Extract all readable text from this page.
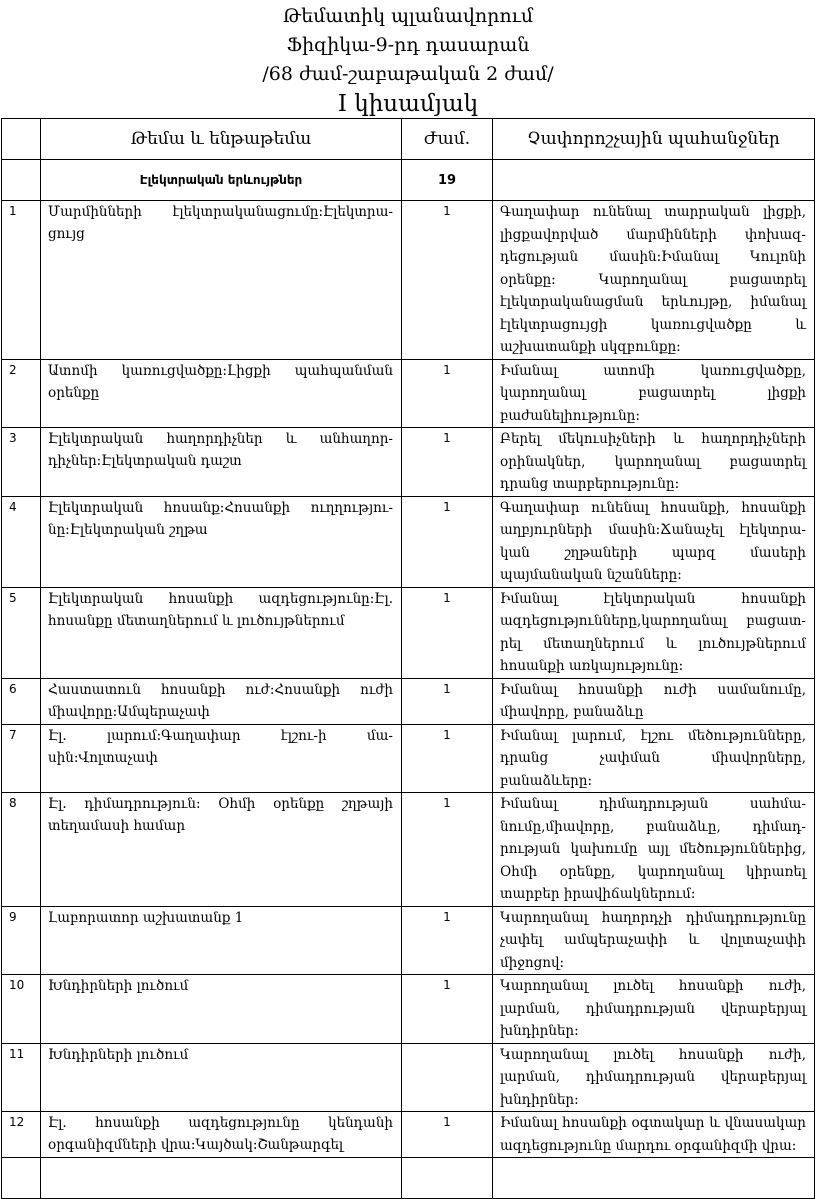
Թեմատիկ պլանավորում
Ֆիզիկա-9-րդ դասարան
/68 ժամ-շաբաթական 2 ժամ/
I կիսամյակ
	Թեմա և ենթաթեմա	Ժամ.	Չափորոշչային պահանջներ
	Էլեկտրական երևույթներ	19	
1	Մարմինների էլեկտրականացումը:Էլեկտրա-ցույց	1	Գաղափար ունենալ տարրական լիցքի, լիցքավորված մարմինների փոխազ-դեցության մասին:Իմանալ Կուլոնի օրենքը: Կարողանալ բացատրել էլեկտրականացման երևույթը, իմանալ էլեկտրացույցի կառուցվածքը և աշխատանքի սկզբունքը:
2	Ատոմի կառուցվածքը:Լիցքի պահպանման օրենքը	1	Իմանալ ատոմի կառուցվածքը, կարողանալ բացատրել լիցքի բաժանելիությունը:
3	Էլեկտրական հաղորդիչներ և անհաղոր-դիչներ:Էլեկտրական դաշտ	1	Բերել մեկուսիչների և հաղորդիչների օրինակներ, կարողանալ բացատրել դրանց տարբերությունը:
4	Էլեկտրական հոսանք:Հոսանքի ուղղությու-նը:Էլեկտրական շղթա	1	Գաղափար ունենալ հոսանքի, հոսանքի աղբյուրների մասին:Ճանաչել էլեկտրա-կան շղթաների պարզ մասերի պայմանական նշանները:
5	Էլեկտրական հոսանքի ազդեցությունը:Էլ. հոսանքը մետաղներում և լուծույթներում	1	Իմանալ էլեկտրական հոսանքի ազդեցությունները,կարողանալ բացատ-րել մետաղներում և լուծույթներում հոսանքի առկայությունը:
6	Հաստատուն հոսանքի ուժ:Հոսանքի ուժի միավորը:Ամպերաչափ	1	Իմանալ հոսանքի ուժի սամանումը, միավորը, բանաձևը
7	Էլ. լարում:Գաղափար էլշու-ի մա-սին:Վոլտաչափ	1	Իմանալ լարում, էլշու մեծությունները, դրանց չափման միավորները, բանաձևերը:
8	Էլ. դիմադրություն: Օհմի օրենքը շղթայի տեղամասի համար	1	Իմանալ դիմադրության սահմա-նումը,միավորը, բանաձևը, դիմադ-րության կախումը այլ մեծություններից, Օհմի օրենքը, կարողանալ կիրառել տարբեր իրավիճակներում:
9	Լաբորատոր աշխատանք 1	1	Կարողանալ հաղորդչի դիմադրությունը չափել ամպերաչափի և վոլտաչափի միջոցով:
10	Խնդիրների լուծում	1	Կարողանալ լուծել հոսանքի ուժի, լարման, դիմադրության վերաբերյալ խնդիրներ:
11	Խնդիրների լուծում		Կարողանալ լուծել հոսանքի ուժի, լարման, դիմադրության վերաբերյալ խնդիրներ:
12	Էլ. հոսանքի ազդեցությունը կենդանի օրգանիզմների վրա:Կայծակ:Շանթարգել	1	Իմանալ հոսանքի օգտակար և վնասակար ազդեցությունը մարդու օրգանիզմի վրա:
